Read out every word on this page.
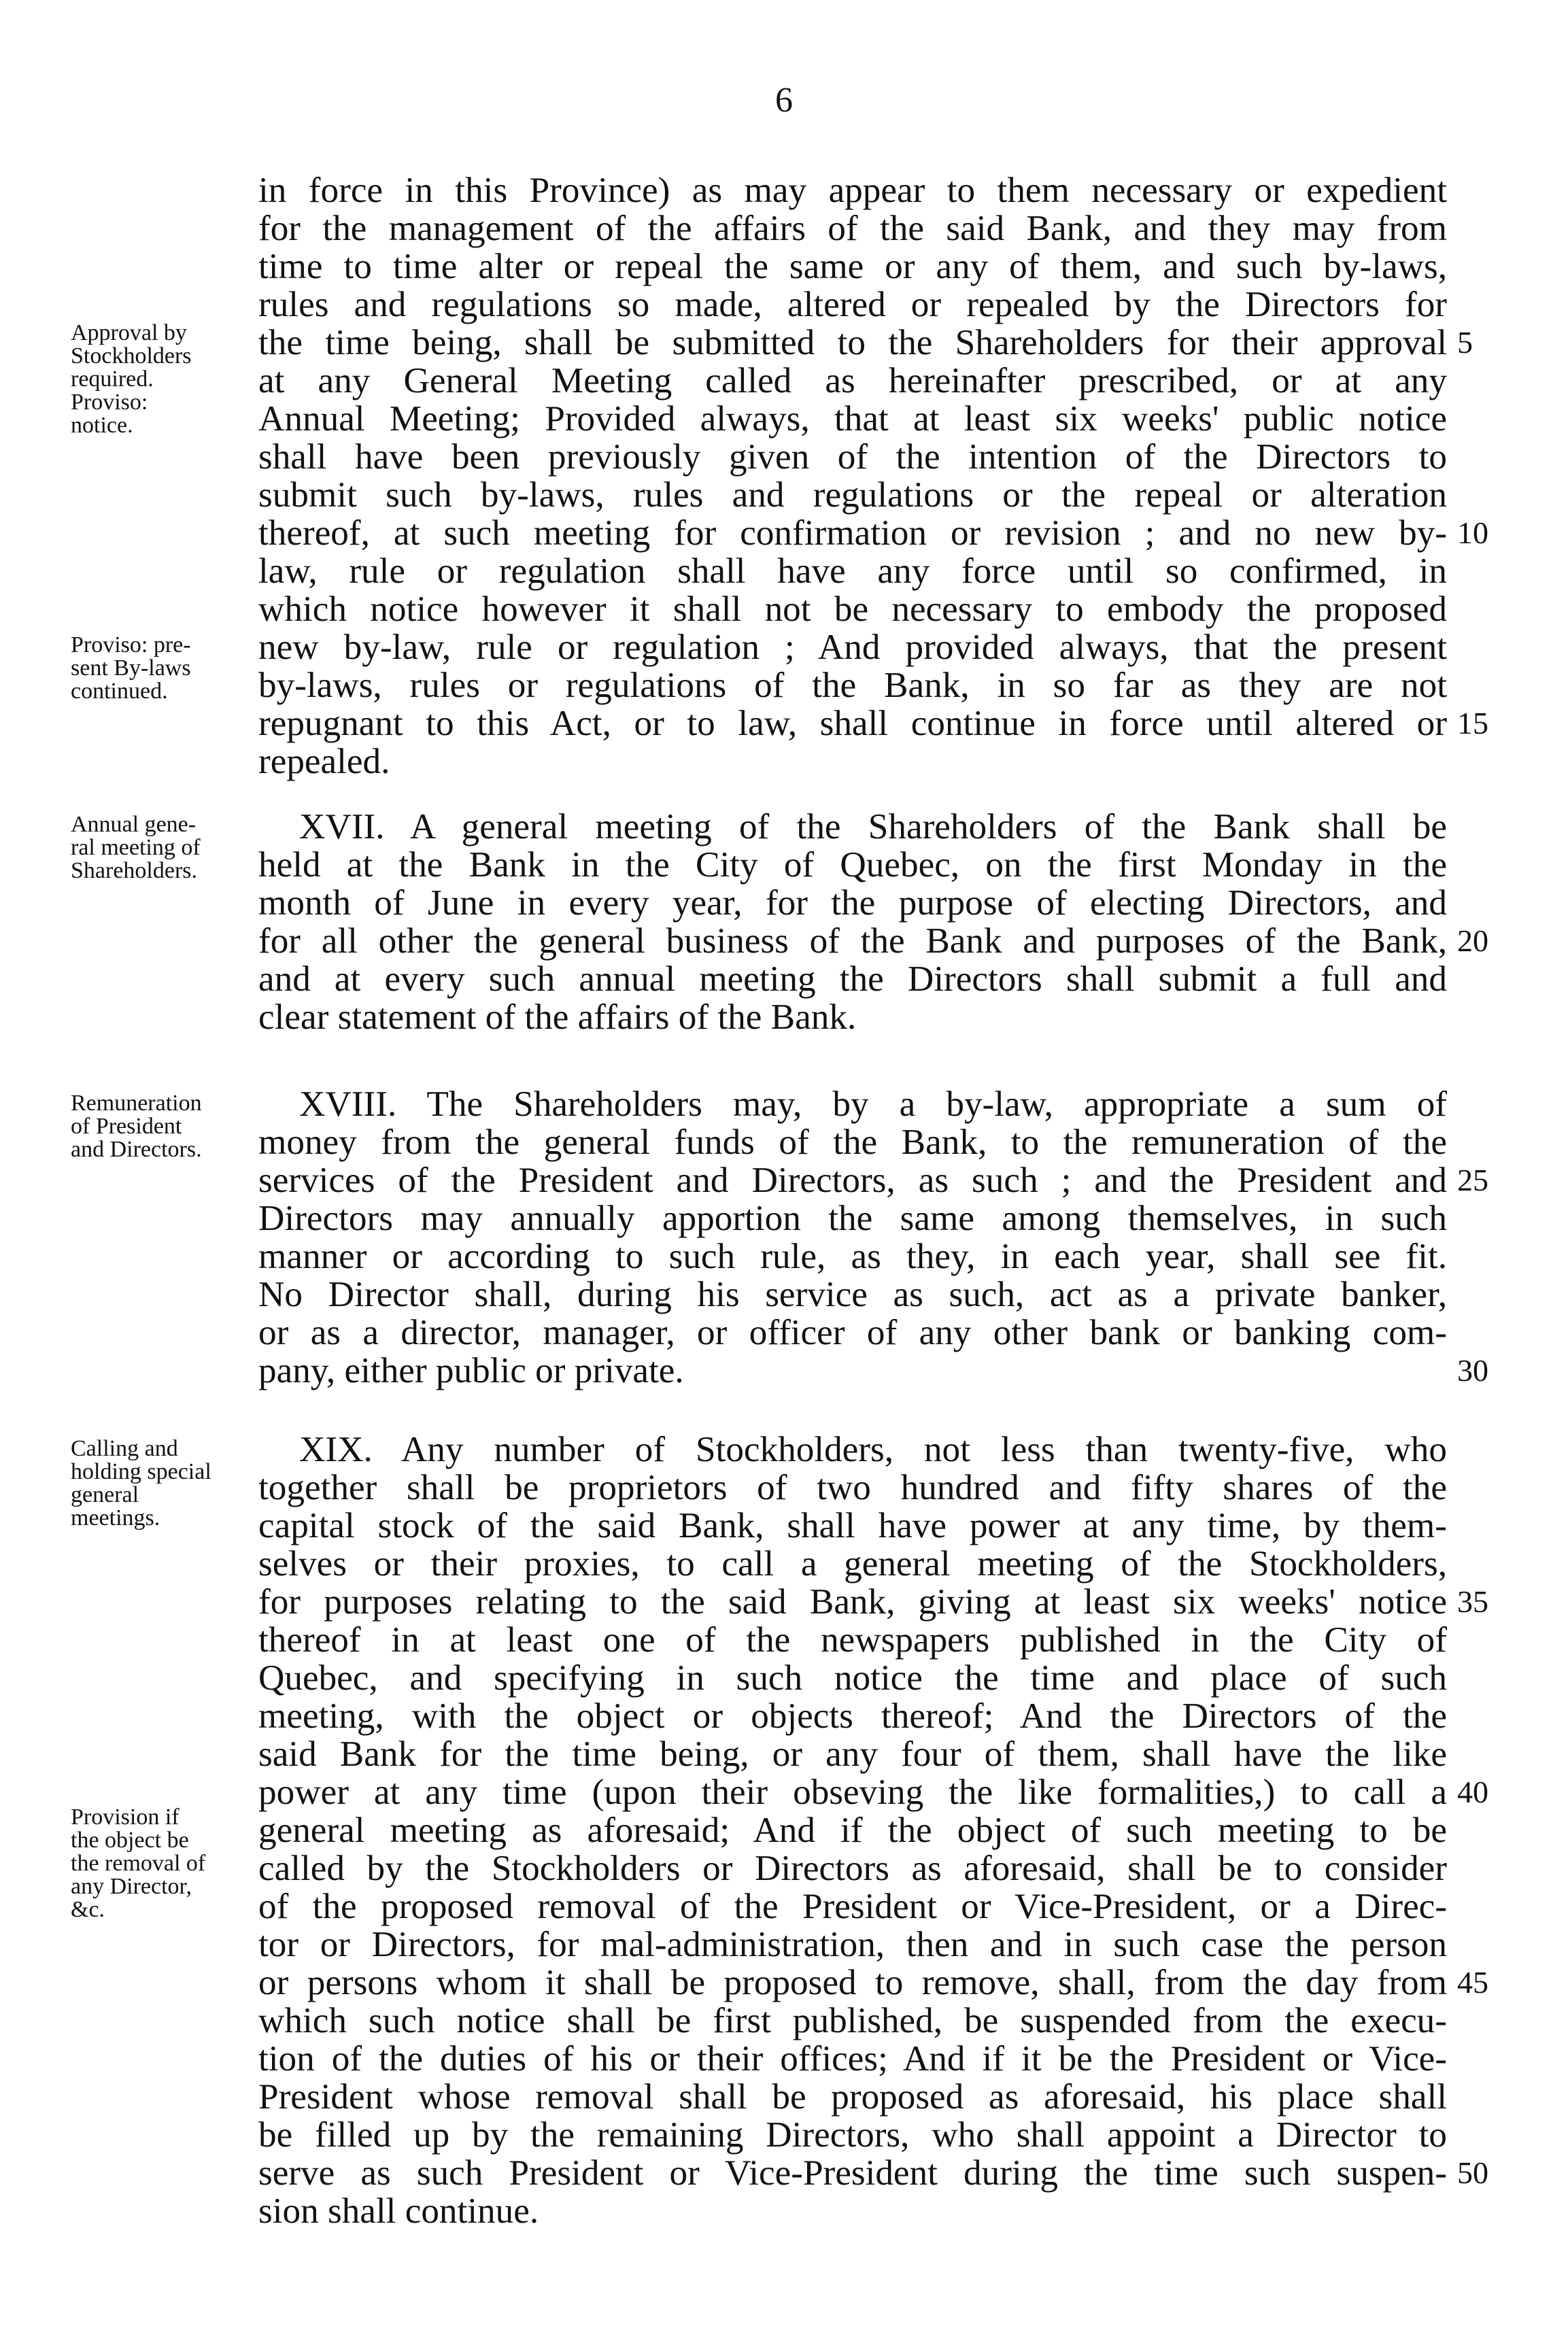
6
in force in this Province) as may appear to them necessary or expedient
for the management of the affairs of the said Bank, and they may from
time to time alter or repeal the same or any of them, and such by-laws,
rules and regulations so made, altered or repealed by the Directors for
the time being, shall be submitted to the Shareholders for their approval
at any General Meeting called as hereinafter prescribed, or at any
Annual Meeting; Provided always, that at least six weeks' public notice
shall have been previously given of the intention of the Directors to
submit such by-laws, rules and regulations or the repeal or alteration
thereof, at such meeting for confirmation or revision ; and no new by-
law, rule or regulation shall have any force until so confirmed, in
which notice however it shall not be necessary to embody the proposed
new by-law, rule or regulation ; And provided always, that the present
by-laws, rules or regulations of the Bank, in so far as they are not
repugnant to this Act, or to law, shall continue in force until altered or
repealed.
XVII. A general meeting of the Shareholders of the Bank shall be
held at the Bank in the City of Quebec, on the first Monday in the
month of June in every year, for the purpose of electing Directors, and
for all other the general business of the Bank and purposes of the Bank,
and at every such annual meeting the Directors shall submit a full and
clear statement of the affairs of the Bank.
XVIII. The Shareholders may, by a by-law, appropriate a sum of
money from the general funds of the Bank, to the remuneration of the
services of the President and Directors, as such ; and the President and
Directors may annually apportion the same among themselves, in such
manner or according to such rule, as they, in each year, shall see fit.
No Director shall, during his service as such, act as a private banker,
or as a director, manager, or officer of any other bank or banking com-
pany, either public or private.
XIX. Any number of Stockholders, not less than twenty-five, who
together shall be proprietors of two hundred and fifty shares of the
capital stock of the said Bank, shall have power at any time, by them-
selves or their proxies, to call a general meeting of the Stockholders,
for purposes relating to the said Bank, giving at least six weeks' notice
thereof in at least one of the newspapers published in the City of
Quebec, and specifying in such notice the time and place of such
meeting, with the object or objects thereof; And the Directors of the
said Bank for the time being, or any four of them, shall have the like
power at any time (upon their obseving the like formalities,) to call a
general meeting as aforesaid; And if the object of such meeting to be
called by the Stockholders or Directors as aforesaid, shall be to consider
of the proposed removal of the President or Vice-President, or a Direc-
tor or Directors, for mal-administration, then and in such case the person
or persons whom it shall be proposed to remove, shall, from the day from
which such notice shall be first published, be suspended from the execu-
tion of the duties of his or their offices; And if it be the President or Vice-
President whose removal shall be proposed as aforesaid, his place shall
be filled up by the remaining Directors, who shall appoint a Director to
serve as such President or Vice-President during the time such suspen-
sion shall continue.
Approval by
Stockholders
required.
Proviso:
notice.
Proviso: pre-
sent By-laws
continued.
Annual gene-
ral meeting of
Shareholders.
Remuneration
of President
and Directors.
Calling and
holding special
general
meetings.
Provision if
the object be
the removal of
any Director,
&c.
5
10
15
20
25
30
35
40
45
50
